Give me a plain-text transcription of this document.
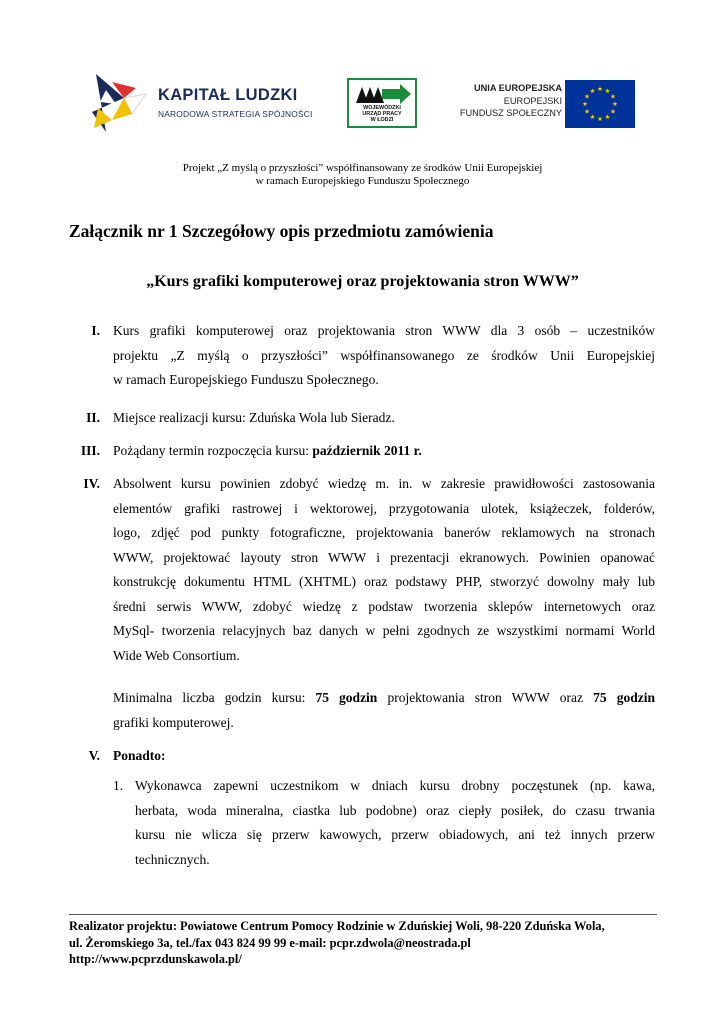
KAPITAŁ LUDZKI
NARODOWA STRATEGIA SPÓJNOŚCI
WOJEWÓDZKI
URZĄD PRACY
W ŁODZI
UNIA EUROPEJSKA
EUROPEJSKI
FUNDUSZ SPOŁECZNY
Projekt „Z myślą o przyszłości” współfinansowany ze środków Unii Europejskiej
w ramach Europejskiego Funduszu Społecznego
Załącznik nr 1 Szczegółowy opis przedmiotu zamówienia
„Kurs grafiki komputerowej oraz projektowania stron WWW”
I. Kurs grafiki komputerowej oraz projektowania stron WWW dla 3 osób – uczestników
projektu „Z myślą o przyszłości” współfinansowanego ze środków Unii Europejskiej
w ramach Europejskiego Funduszu Społecznego.
II. Miejsce realizacji kursu: Zduńska Wola lub Sieradz.
III. Pożądany termin rozpoczęcia kursu: październik 2011 r.
IV. Absolwent kursu powinien zdobyć wiedzę m. in. w zakresie prawidłowości zastosowania
elementów grafiki rastrowej i wektorowej, przygotowania ulotek, książeczek, folderów,
logo, zdjęć pod punkty fotograficzne, projektowania banerów reklamowych na stronach
WWW, projektować layouty stron WWW i prezentacji ekranowych. Powinien opanować
konstrukcję dokumentu HTML (XHTML) oraz podstawy PHP, stworzyć dowolny mały lub
średni serwis WWW, zdobyć wiedzę z podstaw tworzenia sklepów internetowych oraz
MySql- tworzenia relacyjnych baz danych w pełni zgodnych ze wszystkimi normami World
Wide Web Consortium.
Minimalna liczba godzin kursu: 75 godzin projektowania stron WWW oraz 75 godzin
grafiki komputerowej.
V. Ponadto:
1. Wykonawca zapewni uczestnikom w dniach kursu drobny poczęstunek (np. kawa,
herbata, woda mineralna, ciastka lub podobne) oraz ciepły posiłek, do czasu trwania
kursu nie wlicza się przerw kawowych, przerw obiadowych, ani też innych przerw
technicznych.
Realizator projektu: Powiatowe Centrum Pomocy Rodzinie w Zduńskiej Woli, 98-220 Zduńska Wola,
ul. Żeromskiego 3a, tel./fax 043 824 99 99 e-mail: pcpr.zdwola@neostrada.pl
http://www.pcprzdunskawola.pl/
